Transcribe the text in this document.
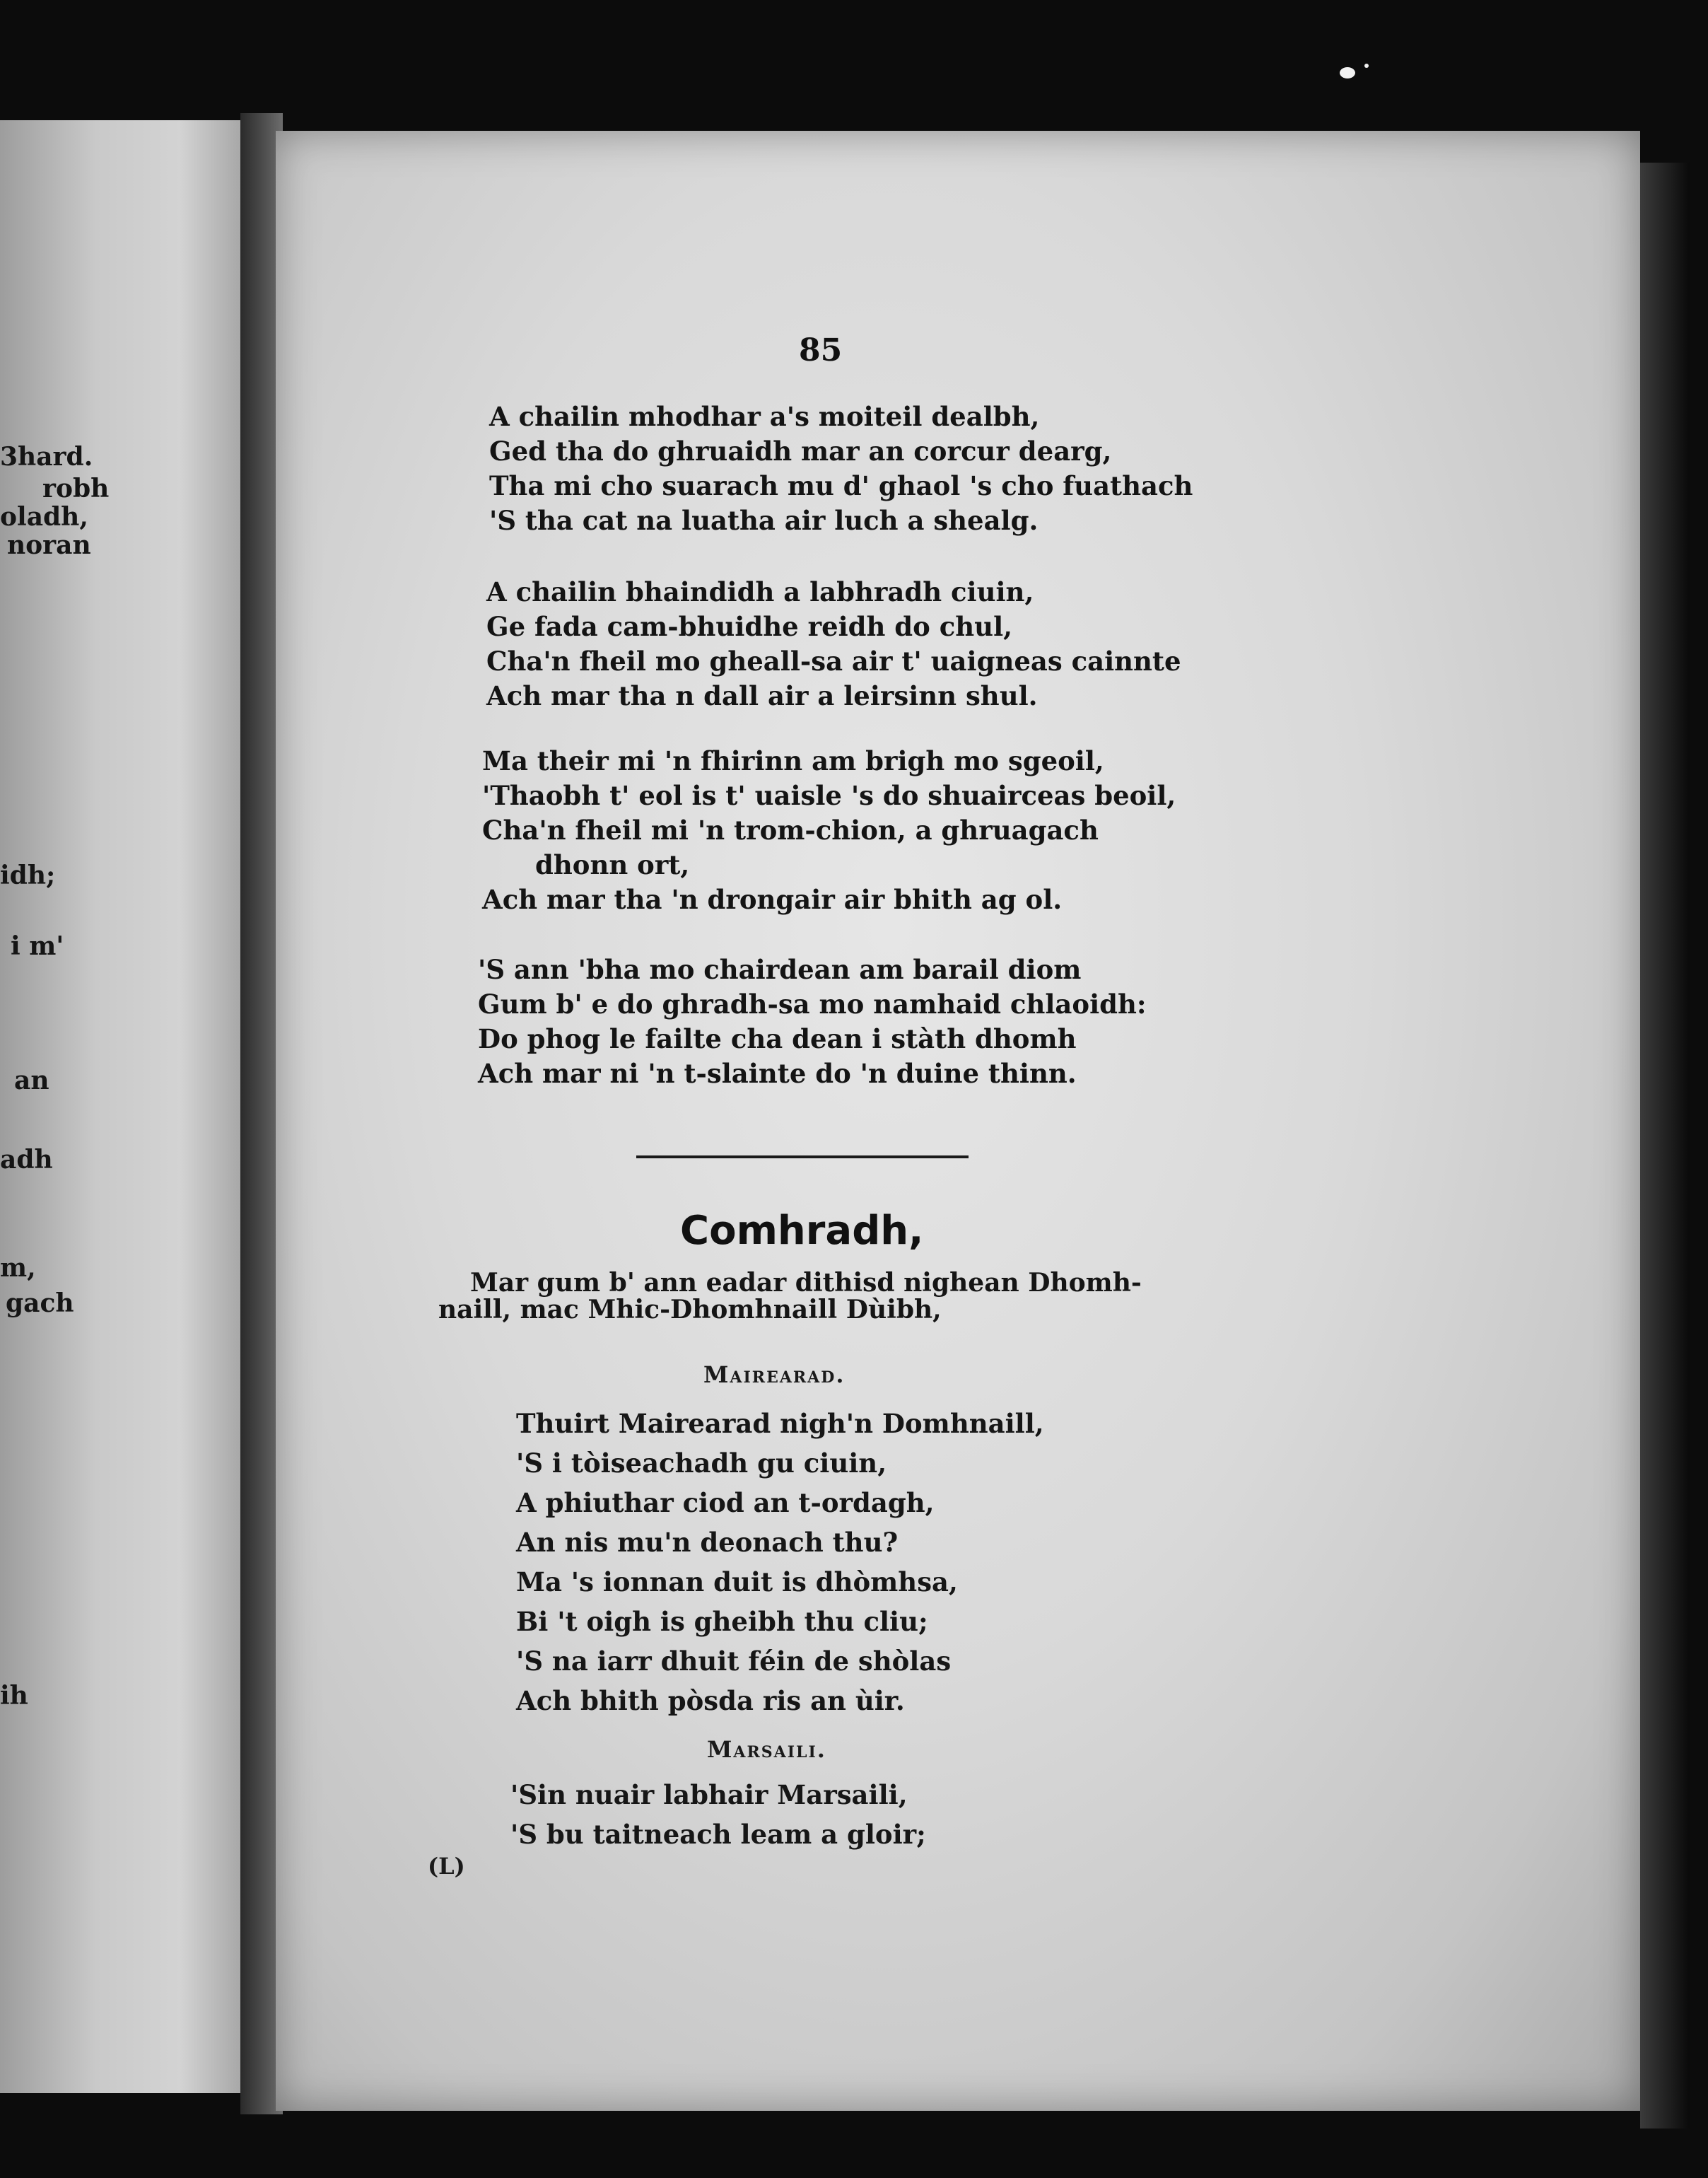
3hard.
robh
oladh,
noran
idh;
i m'
an
adh
m,
gach
ih
85
A chailin mhodhar a's moiteil dealbh,
Ged tha do ghruaidh mar an corcur dearg,
Tha mi cho suarach mu d' ghaol 's cho fuathach
'S tha cat na luatha air luch a shealg.
A chailin bhaindidh a labhradh ciuin,
Ge fada cam-bhuidhe reidh do chul,
Cha'n fheil mo gheall-sa air t' uaigneas cainnte
Ach mar tha n dall air a leirsinn shul.
Ma their mi 'n fhirinn am brigh mo sgeoil,
'Thaobh t' eol is t' uaisle 's do shuairceas beoil,
Cha'n fheil mi 'n trom-chion, a ghruagach
dhonn ort,
Ach mar tha 'n drongair air bhith ag ol.
'S ann 'bha mo chairdean am barail diom
Gum b' e do ghradh-sa mo namhaid chlaoidh:
Do phog le failte cha dean i stàth dhomh
Ach mar ni 'n t-slainte do 'n duine thinn.
Comhradh,
Mar gum b' ann eadar dithisd nighean Dhomh-
naill, mac Mhic-Dhomhnaill Dùibh,
Mairearad.
Thuirt Mairearad nigh'n Domhnaill,
'S i tòiseachadh gu ciuin,
A phiuthar ciod an t-ordagh,
An nis mu'n deonach thu?
Ma 's ionnan duit is dhòmhsa,
Bi 't oigh is gheibh thu cliu;
'S na iarr dhuit féin de shòlas
Ach bhith pòsda ris an ùir.
Marsaili.
'Sin nuair labhair Marsaili,
'S bu taitneach leam a gloir;
(L)
